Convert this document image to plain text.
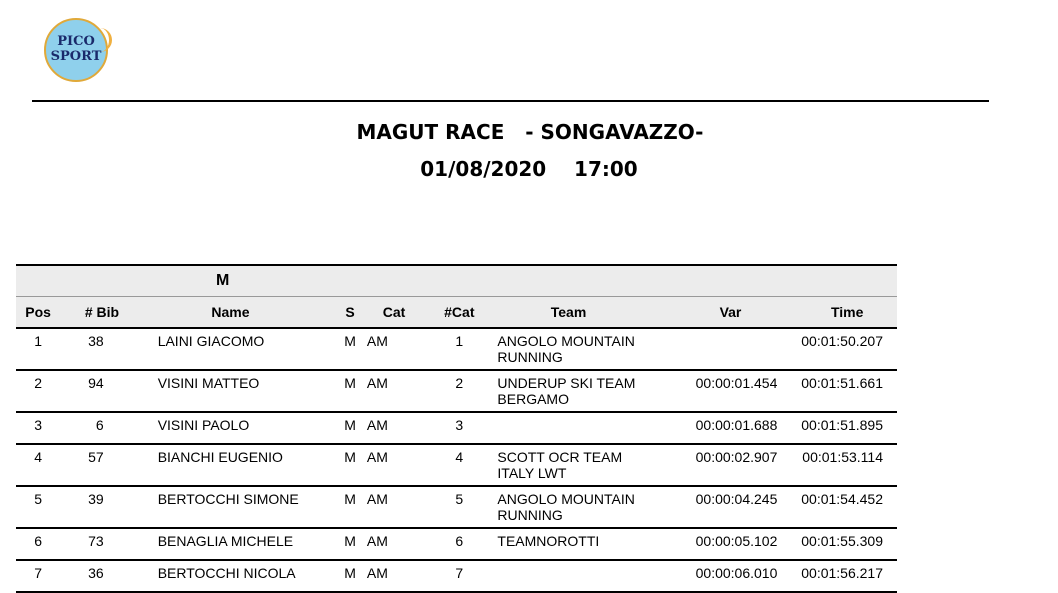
PICO
SPORT
MAGUT RACE   - SONGAVAZZO-
01/08/2020    17:00
M								
Pos	# Bib	Name	S	Cat	#Cat	Team	Var	Time
1	38	LAINI GIACOMO	M	AM	1	ANGOLO MOUNTAIN
RUNNING		00:01:50.207
2	94	VISINI MATTEO	M	AM	2	UNDERUP SKI TEAM
BERGAMO	00:00:01.454	00:01:51.661
3	6	VISINI PAOLO	M	AM	3		00:00:01.688	00:01:51.895
4	57	BIANCHI EUGENIO	M	AM	4	SCOTT OCR TEAM
ITALY LWT	00:00:02.907	00:01:53.114
5	39	BERTOCCHI SIMONE	M	AM	5	ANGOLO MOUNTAIN
RUNNING	00:00:04.245	00:01:54.452
6	73	BENAGLIA MICHELE	M	AM	6	TEAMNOROTTI	00:00:05.102	00:01:55.309
7	36	BERTOCCHI NICOLA	M	AM	7		00:00:06.010	00:01:56.217
